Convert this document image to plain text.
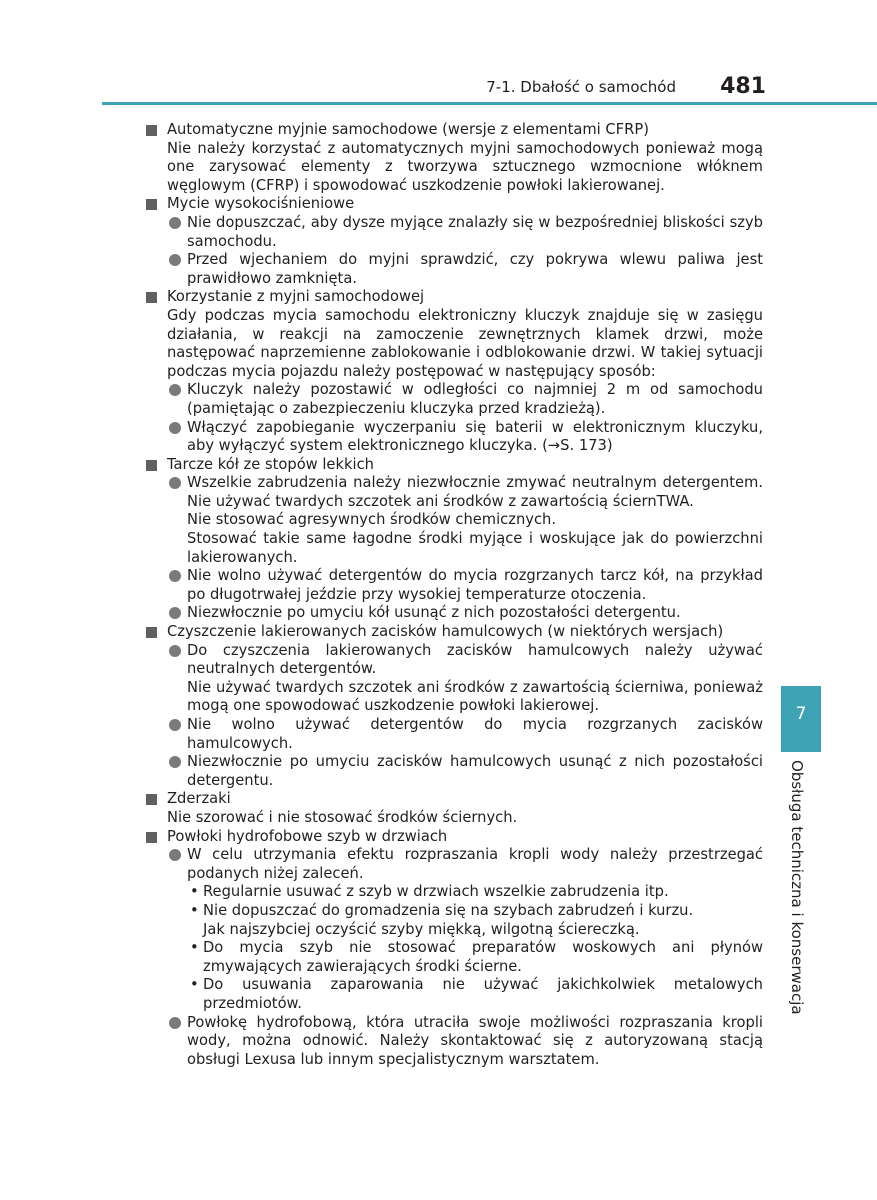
7-1. Dbałość o samochód 481
Automatyczne myjnie samochodowe (wersje z elementami CFRP)
Nie należy korzystać z automatycznych myjni samochodowych ponieważ mogą one zarysować elementy z tworzywa sztucznego wzmocnione włóknem węglowym (CFRP) i spowodować uszkodzenie powłoki lakierowanej.
Mycie wysokociśnieniowe
Nie dopuszczać, aby dysze myjące znalazły się w bezpośredniej bliskości szyb samochodu.
Przed wjechaniem do myjni sprawdzić, czy pokrywa wlewu paliwa jest prawidłowo zamknięta.
Korzystanie z myjni samochodowej
Gdy podczas mycia samochodu elektroniczny kluczyk znajduje się w zasięgu działania, w reakcji na zamoczenie zewnętrznych klamek drzwi, może następować naprzemienne zablokowanie i odblokowanie drzwi. W takiej sytuacji podczas mycia pojazdu należy postępować w następujący sposób:
Kluczyk należy pozostawić w odległości co najmniej 2 m od samochodu (pamiętając o zabezpieczeniu kluczyka przed kradzieżą).
Włączyć zapobieganie wyczerpaniu się baterii w elektronicznym kluczyku, aby wyłączyć system elektronicznego kluczyka. (→S. 173)
Tarcze kół ze stopów lekkich
Wszelkie zabrudzenia należy niezwłocznie zmywać neutralnym detergentem. Nie używać twardych szczotek ani środków z zawartością ściernTWA.
Nie stosować agresywnych środków chemicznych.
Stosować takie same łagodne środki myjące i woskujące jak do powierzchni lakierowanych.
Nie wolno używać detergentów do mycia rozgrzanych tarcz kół, na przykład po długotrwałej jeździe przy wysokiej temperaturze otoczenia.
Niezwłocznie po umyciu kół usunąć z nich pozostałości detergentu.
Czyszczenie lakierowanych zacisków hamulcowych (w niektórych wersjach)
Do czyszczenia lakierowanych zacisków hamulcowych należy używać neutralnych detergentów.
Nie używać twardych szczotek ani środków z zawartością ścierniwa, ponieważ mogą one spowodować uszkodzenie powłoki lakierowej.
Nie wolno używać detergentów do mycia rozgrzanych zacisków hamulcowych.
Niezwłocznie po umyciu zacisków hamulcowych usunąć z nich pozostałości detergentu.
Zderzaki
Nie szorować i nie stosować środków ściernych.
Powłoki hydrofobowe szyb w drzwiach
W celu utrzymania efektu rozpraszania kropli wody należy przestrzegać podanych niżej zaleceń.
• Regularnie usuwać z szyb w drzwiach wszelkie zabrudzenia itp.
• Nie dopuszczać do gromadzenia się na szybach zabrudzeń i kurzu.
Jak najszybciej oczyścić szyby miękką, wilgotną ściereczką.
• Do mycia szyb nie stosować preparatów woskowych ani płynów zmywających zawierających środki ścierne.
• Do usuwania zaparowania nie używać jakichkolwiek metalowych przedmiotów.
Powłokę hydrofobową, która utraciła swoje możliwości rozpraszania kropli wody, można odnowić. Należy skontaktować się z autoryzowaną stacją obsługi Lexusa lub innym specjalistycznym warsztatem.
7
Obsługa techniczna i konserwacja
